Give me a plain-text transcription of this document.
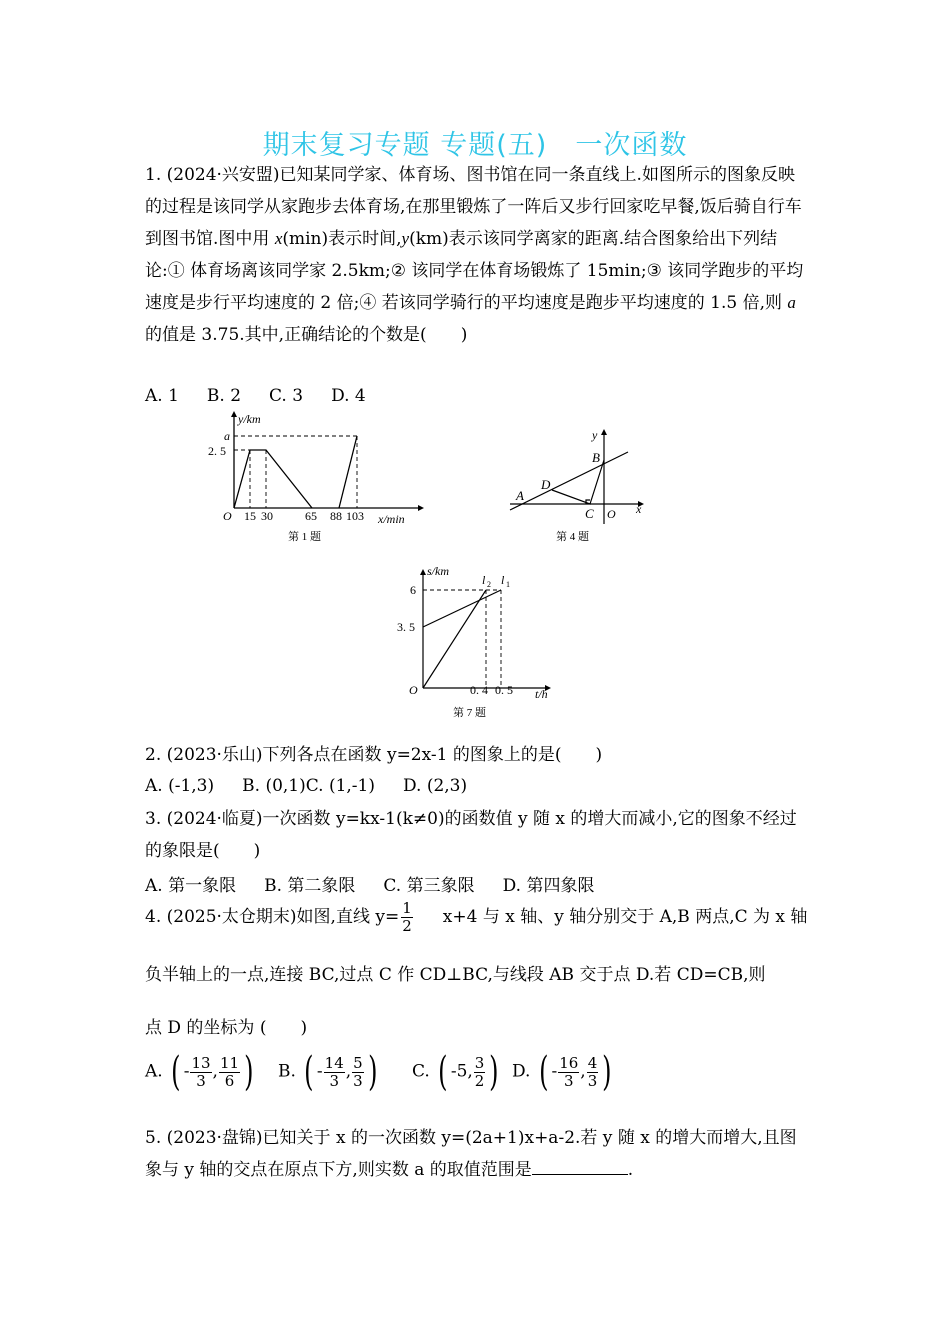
期末复习专题 专题(五)　一次函数
1. (2024·兴安盟)已知某同学家、体育场、图书馆在同一条直线上.如图所示的图象反映的过程是该同学从家跑步去体育场,在那里锻炼了一阵后又步行回家吃早餐,饭后骑自行车到图书馆.图中用 x(min)表示时间,y(km)表示该同学离家的距离.结合图象给出下列结论:① 体育场离该同学家 2.5km;② 该同学在体育场锻炼了 15min;③ 该同学跑步的平均速度是步行平均速度的 2 倍;④ 若该同学骑行的平均速度是跑步平均速度的 1.5 倍,则 a 的值是 3.75.其中,正确结论的个数是(　　)
A. 1 B. 2 C. 3 D. 4
y/km
a
2. 5
O 15 30	65 88 103 x/min
第 1 题
y
x
A
B
C
D
O
第 4 题
s/km
6
3. 5
O	0. 4 0. 5 t/h
l 2 l 1
第 7 题
2. (2023·乐山)下列各点在函数 y=2x-1 的图象上的是(　　)
A. (-1,3) B. (0,1)C. (1,-1) D. (2,3)
3. (2024·临夏)一次函数 y=kx-1(k≠0)的函数值 y 随 x 的增大而减小,它的图象不经过的象限是(　　)
A. 第一象限 B. 第二象限 C. 第三象限 D. 第四象限
4. (2025·太仓期末)如图,直线 $y= \frac{1}{2} x+4$ 与 x 轴、y 轴分别交于 A,B 两点,C 为 x 轴
负半轴上的一点,连接 BC,过点 C 作 CD⊥BC,与线段 AB 交于点 D.若 CD=CB,则
点 D 的坐标为 (　　)
A. ( - $\frac{13}{3}$ , $\frac{11}{6}$ ) B. ( - $\frac{14}{3}$ , $\frac{5}{3}$ ) C. ( -5, $\frac{3}{2}$ ) D. ( - $\frac{16}{3}$ , $\frac{4}{3}$ )
5. (2023·盘锦)已知关于 x 的一次函数 y=(2a+1)x+a-2.若 y 随 x 的增大而增大,且图象与 y 轴的交点在原点下方,则实数 a 的取值范围是	.
